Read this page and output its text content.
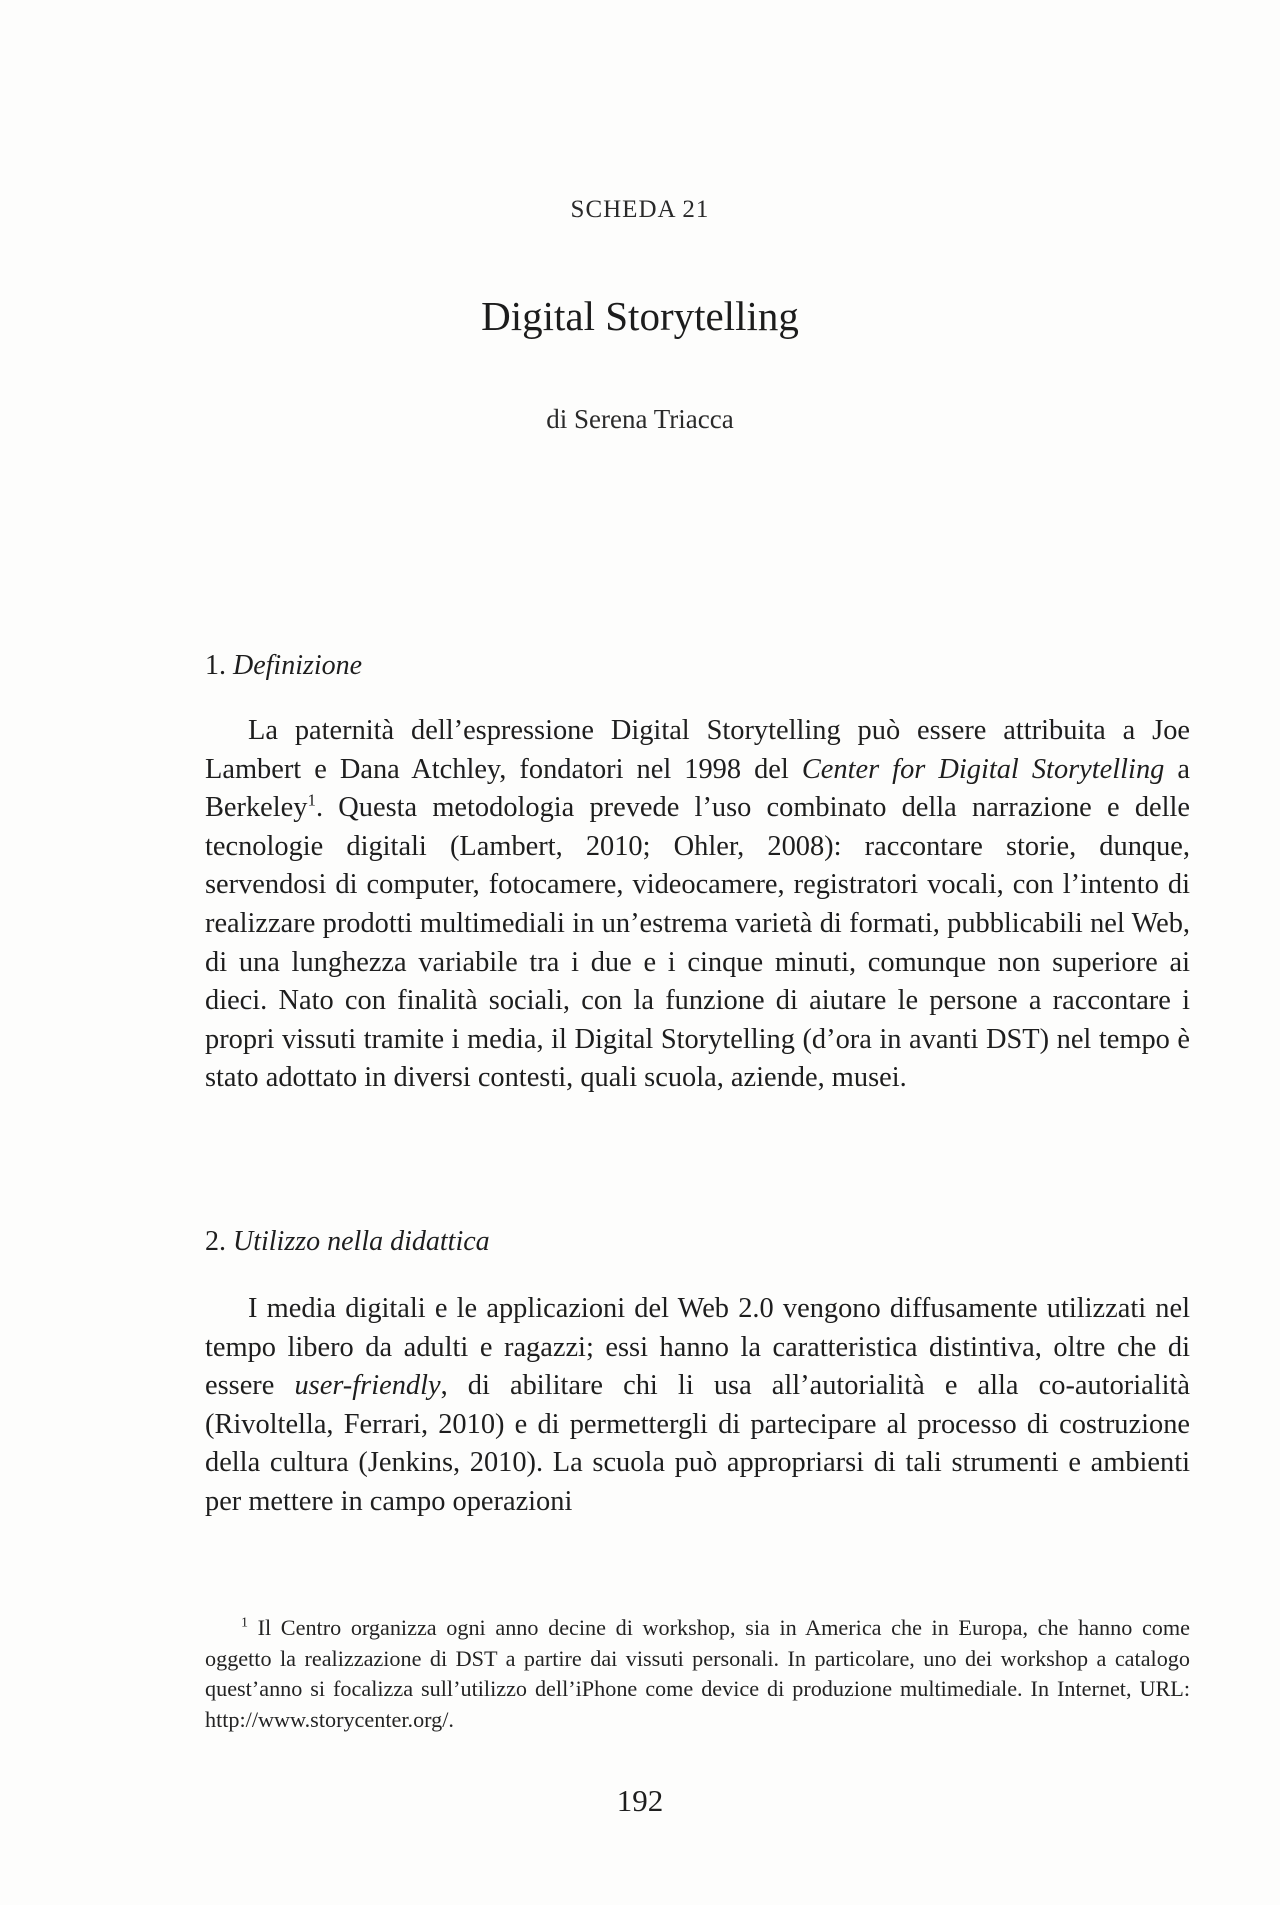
SCHEDA 21
Digital Storytelling
di Serena Triacca
1. Definizione
La paternità dell’espressione Digital Storytelling può essere attribuita a Joe Lambert e Dana Atchley, fondatori nel 1998 del Center for Digital Storytelling a Berkeley$^1$. Questa metodologia prevede l’uso combinato della narrazione e delle tecnologie digitali (Lambert, 2010; Ohler, 2008): raccontare storie, dunque, servendosi di computer, fotocamere, videocamere, registratori vocali, con l’intento di realizzare prodotti multimediali in un’estrema varietà di formati, pubblicabili nel Web, di una lunghezza variabile tra i due e i cinque minuti, comunque non superiore ai dieci. Nato con finalità sociali, con la funzione di aiutare le persone a raccontare i propri vissuti tramite i media, il Digital Storytelling (d’ora in avanti DST) nel tempo è stato adottato in diversi contesti, quali scuola, aziende, musei.
2. Utilizzo nella didattica
I media digitali e le applicazioni del Web 2.0 vengono diffusamente utilizzati nel tempo libero da adulti e ragazzi; essi hanno la caratteristica distintiva, oltre che di essere user-friendly, di abilitare chi li usa all’autorialità e alla co-autorialità (Rivoltella, Ferrari, 2010) e di permettergli di partecipare al processo di costruzione della cultura (Jenkins, 2010). La scuola può appropriarsi di tali strumenti e ambienti per mettere in campo operazioni
$^1$ Il Centro organizza ogni anno decine di workshop, sia in America che in Europa, che hanno come oggetto la realizzazione di DST a partire dai vissuti personali. In particolare, uno dei workshop a catalogo quest’anno si focalizza sull’utilizzo dell’iPhone come device di produzione multimediale. In Internet, URL: http://www.storycenter.org/.
192
